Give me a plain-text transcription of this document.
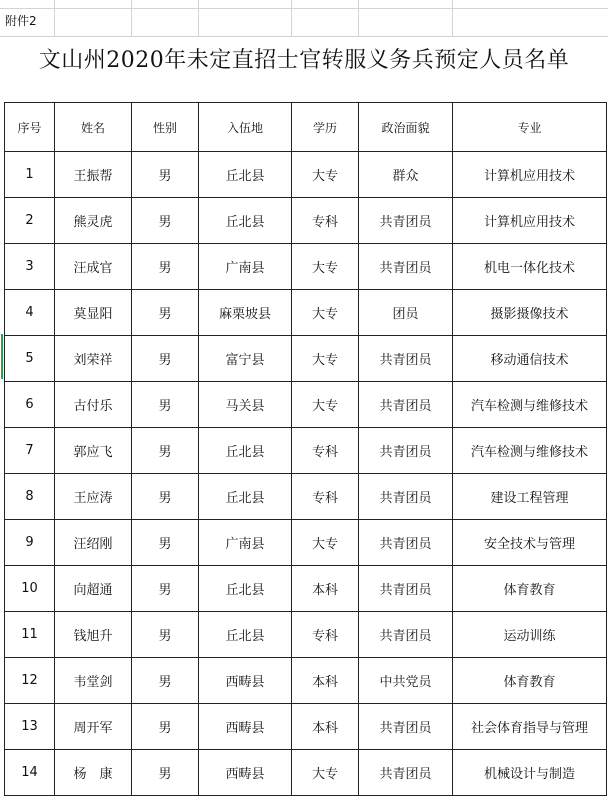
附件2
文山州2020年未定直招士官转服义务兵预定人员名单
序号	姓名	性别	入伍地	学历	政治面貌	专业
1	王振帮	男	丘北县	大专	群众	计算机应用技术
2	熊灵虎	男	丘北县	专科	共青团员	计算机应用技术
3	汪成官	男	广南县	大专	共青团员	机电一体化技术
4	莫显阳	男	麻栗坡县	大专	团员	摄影摄像技术
5	刘荣祥	男	富宁县	大专	共青团员	移动通信技术
6	古付乐	男	马关县	大专	共青团员	汽车检测与维修技术
7	郭应飞	男	丘北县	专科	共青团员	汽车检测与维修技术
8	王应涛	男	丘北县	专科	共青团员	建设工程管理
9	汪绍刚	男	广南县	大专	共青团员	安全技术与管理
10	向超通	男	丘北县	本科	共青团员	体育教育
11	钱旭升	男	丘北县	专科	共青团员	运动训练
12	韦堂剑	男	西畴县	本科	中共党员	体育教育
13	周开军	男	西畴县	本科	共青团员	社会体育指导与管理
14	杨　康	男	西畴县	大专	共青团员	机械设计与制造
